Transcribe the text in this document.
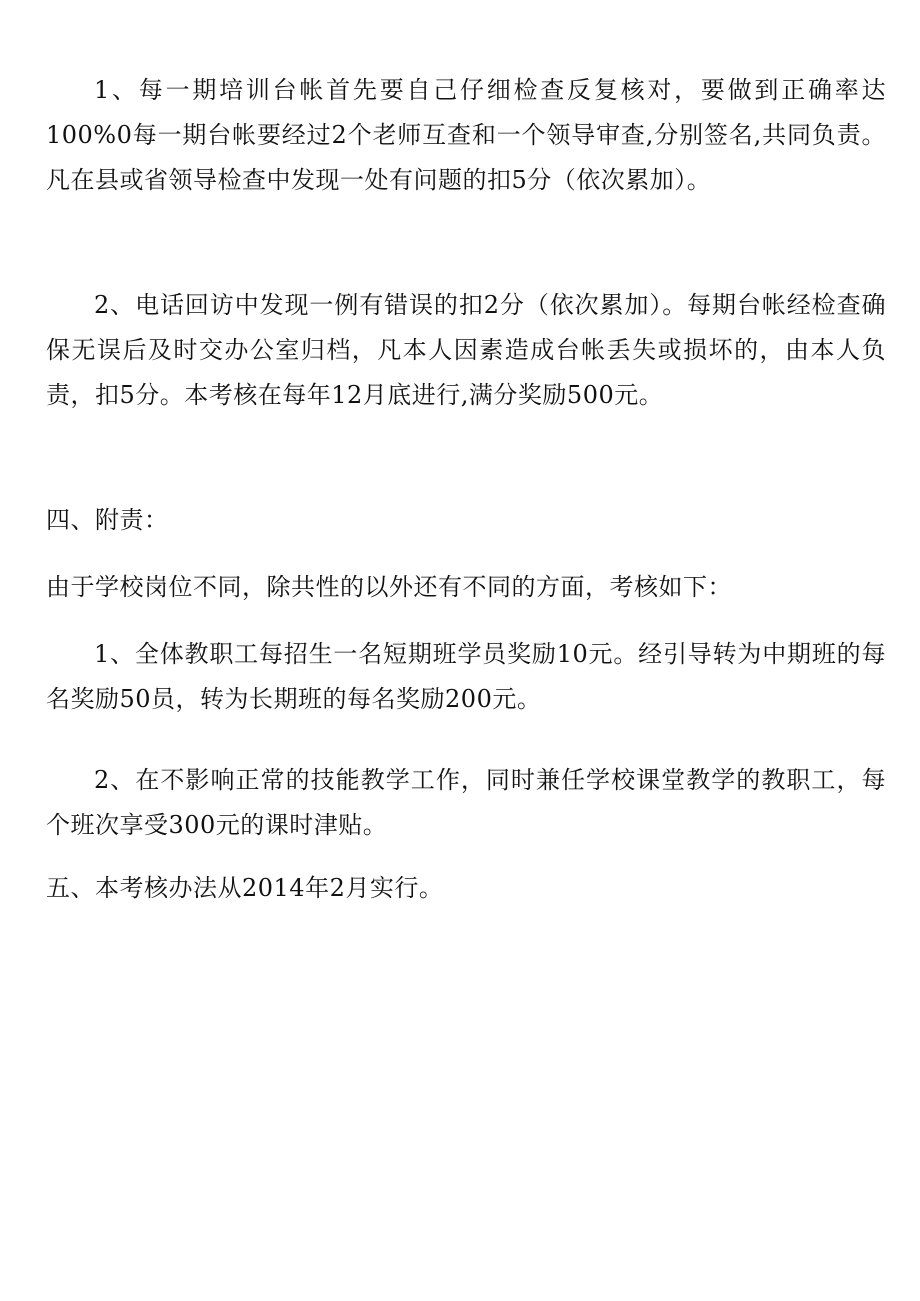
1、每一期培训台帐首先要自己仔细检查反复核对，要做到正确率达100%0每一期台帐要经过2个老师互查和一个领导审查,分别签名,共同负责。凡在县或省领导检查中发现一处有问题的扣5分（依次累加）。

2、电话回访中发现一例有错误的扣2分（依次累加）。每期台帐经检查确保无误后及时交办公室归档，凡本人因素造成台帐丢失或损坏的，由本人负责，扣5分。本考核在每年12月底进行,满分奖励500元。

四、附责：

由于学校岗位不同，除共性的以外还有不同的方面，考核如下：

1、全体教职工每招生一名短期班学员奖励10元。经引导转为中期班的每名奖励50员，转为长期班的每名奖励200元。

2、在不影响正常的技能教学工作，同时兼任学校课堂教学的教职工，每个班次享受300元的课时津贴。

五、本考核办法从2014年2月实行。
